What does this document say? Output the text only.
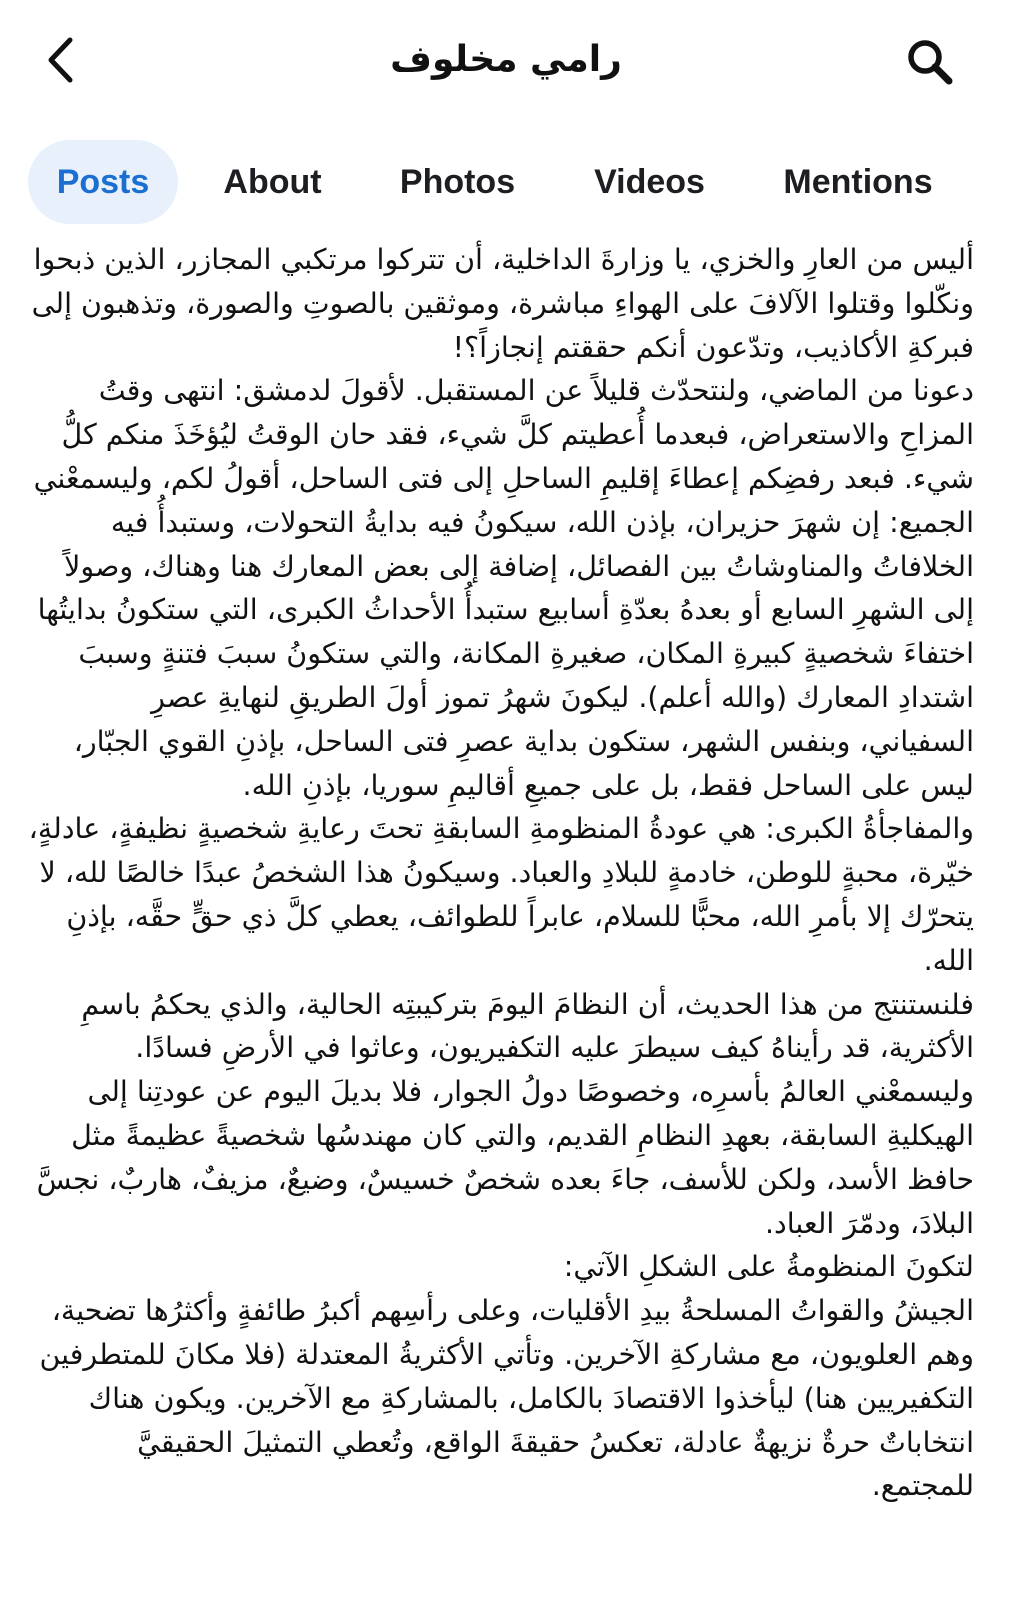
رامي مخلوف
Posts	About	Photos	Videos	Mentions

أليس من العارِ والخزي، يا وزارةَ الداخلية، أن تتركوا مرتكبي المجازر، الذين ذبحوا ونكّلوا وقتلوا الآلافَ على الهواءِ مباشرة، وموثقين بالصوتِ والصورة، وتذهبون إلى فبركةِ الأكاذيب، وتدّعون أنكم حققتم إنجازاً؟!

دعونا من الماضي، ولنتحدّث قليلاً عن المستقبل. لأقولَ لدمشق: انتهى وقتُ المزاحِ والاستعراض، فبعدما أُعطيتم كلَّ شيء، فقد حان الوقتُ ليُؤخَذَ منكم كلُّ شيء. فبعد رفضِكم إعطاءَ إقليمِ الساحلِ إلى فتى الساحل، أقولُ لكم، وليسمعْني الجميع: إن شهرَ حزيران، بإذن الله، سيكونُ فيه بدايةُ التحولات، وستبدأُ فيه الخلافاتُ والمناوشاتُ بين الفصائل، إضافة إلى بعض المعارك هنا وهناك، وصولاً إلى الشهرِ السابع أو بعدهُ بعدّةِ أسابيع ستبدأُ الأحداثُ الكبرى، التي ستكونُ بدايتُها اختفاءَ شخصيةٍ كبيرةِ المكان، صغيرةِ المكانة، والتي ستكونُ سببَ فتنةٍ وسببَ اشتدادِ المعارك (والله أعلم). ليكونَ شهرُ تموز أولَ الطريقِ لنهايةِ عصرِ السفياني، وبنفس الشهر، ستكون بداية عصرِ فتى الساحل، بإذنِ القوي الجبّار، ليس على الساحل فقط، بل على جميعِ أقاليمِ سوريا، بإذنِ الله.

والمفاجأةُ الكبرى: هي عودةُ المنظومةِ السابقةِ تحتَ رعايةِ شخصيةٍ نظيفةٍ، عادلةٍ، خيّرة، محبةٍ للوطن، خادمةٍ للبلادِ والعباد. وسيكونُ هذا الشخصُ عبدًا خالصًا لله، لا يتحرّك إلا بأمرِ الله، محبًّا للسلام، عابراً للطوائف، يعطي كلَّ ذي حقٍّ حقَّه، بإذنِ الله.

فلنستنتج من هذا الحديث، أن النظامَ اليومَ بتركيبتِه الحالية، والذي يحكمُ باسمِ الأكثرية، قد رأيناهُ كيف سيطرَ عليه التكفيريون، وعاثوا في الأرضِ فسادًا. وليسمعْني العالمُ بأسرِه، وخصوصًا دولُ الجوار، فلا بديلَ اليوم عن عودتِنا إلى الهيكليةِ السابقة، بعهدِ النظامِ القديم، والتي كان مهندسُها شخصيةً عظيمةً مثل حافظ الأسد، ولكن للأسف، جاءَ بعده شخصٌ خسيسٌ، وضيعٌ، مزيفٌ، هاربٌ، نجسَّ البلادَ، ودمّرَ العباد.

لتكونَ المنظومةُ على الشكلِ الآتي:

الجيشُ والقواتُ المسلحةُ بيدِ الأقليات، وعلى رأسِهم أكبرُ طائفةٍ وأكثرُها تضحية، وهم العلويون، مع مشاركةِ الآخرين. وتأتي الأكثريةُ المعتدلة (فلا مكانَ للمتطرفين التكفيريين هنا) ليأخذوا الاقتصادَ بالكامل، بالمشاركةِ مع الآخرين. ويكون هناك انتخاباتٌ حرةٌ نزيهةٌ عادلة، تعكسُ حقيقةَ الواقع، وتُعطي التمثيلَ الحقيقيَّ للمجتمع.
